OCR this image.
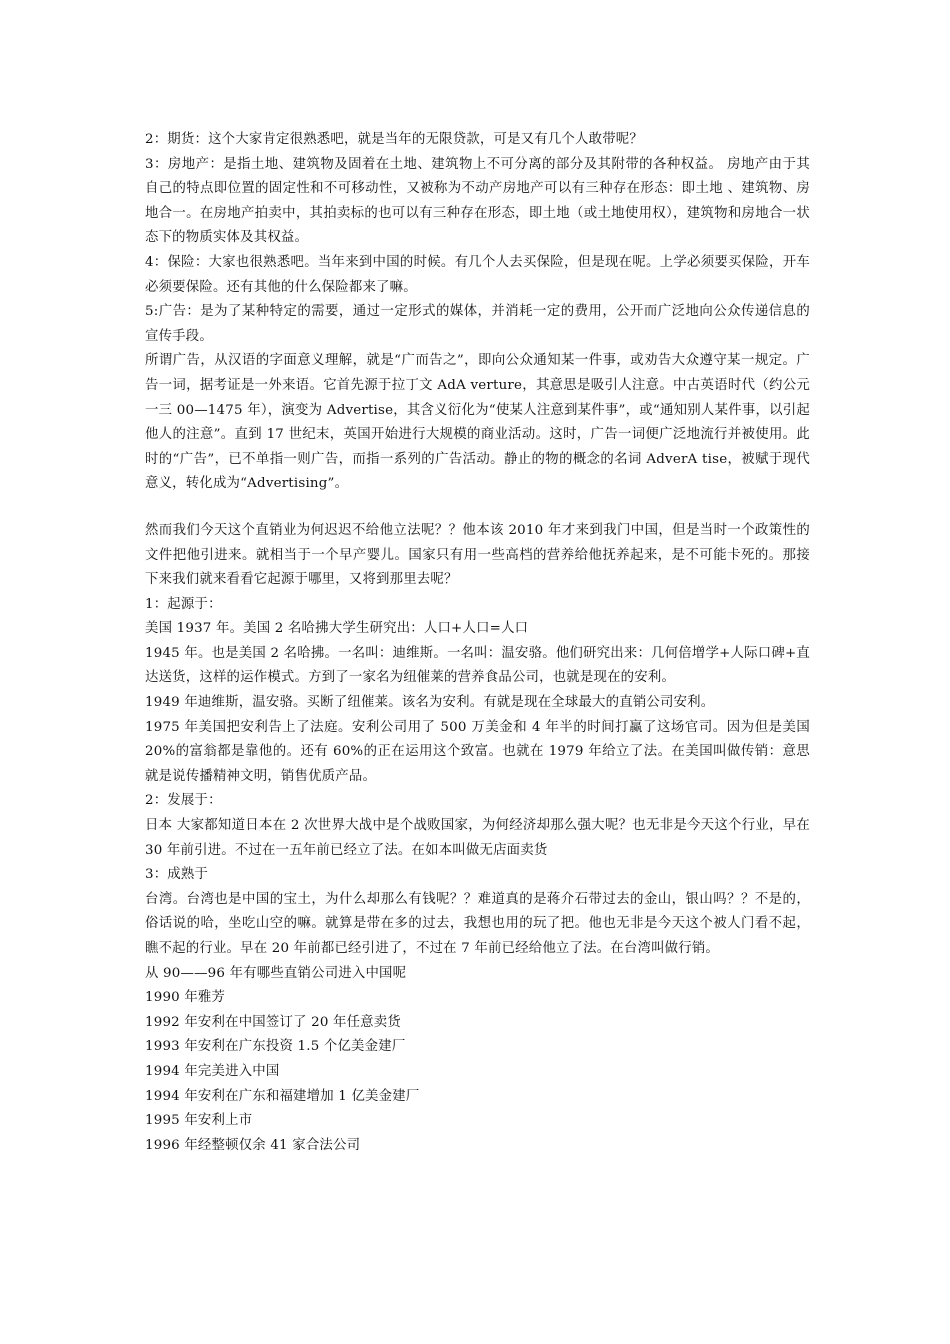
2：期货：这个大家肯定很熟悉吧，就是当年的无限贷款，可是又有几个人敢带呢？

3：房地产：是指土地、建筑物及固着在土地、建筑物上不可分离的部分及其附带的各种权益。 房地产由于其自己的特点即位置的固定性和不可移动性，又被称为不动产房地产可以有三种存在形态：即土地 、建筑物、房地合一。在房地产拍卖中，其拍卖标的也可以有三种存在形态，即土地（或土地使用权），建筑物和房地合一状态下的物质实体及其权益。

4：保险：大家也很熟悉吧。当年来到中国的时候。有几个人去买保险，但是现在呢。上学必须要买保险，开车必须要保险。还有其他的什么保险都来了嘛。

5:广告：是为了某种特定的需要，通过一定形式的媒体，并消耗一定的费用，公开而广泛地向公众传递信息的宣传手段。

所谓广告，从汉语的字面意义理解，就是“广而告之”，即向公众通知某一件事，或劝告大众遵守某一规定。广告一词，据考证是一外来语。它首先源于拉丁文 AdA verture，其意思是吸引人注意。中古英语时代（约公元一三 00—1475 年），演变为 Advertise，其含义衍化为“使某人注意到某件事”，或“通知别人某件事，以引起他人的注意”。直到 17 世纪末，英国开始进行大规模的商业活动。这时，广告一词便广泛地流行并被使用。此时的“广告”，已不单指一则广告，而指一系列的广告活动。静止的物的概念的名词 AdverA tise，被赋于现代意义，转化成为“Advertising”。

然而我们今天这个直销业为何迟迟不给他立法呢？？他本该 2010 年才来到我门中国，但是当时一个政策性的文件把他引进来。就相当于一个早产婴儿。国家只有用一些高档的营养给他抚养起来，是不可能卡死的。那接下来我们就来看看它起源于哪里，又将到那里去呢？

1：起源于：

美国 1937 年。美国 2 名哈拂大学生研究出：人口+人口=人口

1945 年。也是美国 2 名哈拂。一名叫：迪维斯。一名叫：温安骆。他们研究出来：几何倍增学+人际口碑+直达送货，这样的运作模式。方到了一家名为纽催莱的营养食品公司，也就是现在的安利。

1949 年迪维斯，温安骆。买断了纽催莱。该名为安利。有就是现在全球最大的直销公司安利。

1975 年美国把安利告上了法庭。安利公司用了 500 万美金和 4 年半的时间打赢了这场官司。因为但是美国 20%的富翁都是靠他的。还有 60%的正在运用这个致富。也就在 1979 年给立了法。在美国叫做传销：意思就是说传播精神文明，销售优质产品。

2：发展于：

日本 大家都知道日本在 2 次世界大战中是个战败国家，为何经济却那么强大呢？也无非是今天这个行业，早在 30 年前引进。不过在一五年前已经立了法。在如本叫做无店面卖货

3：成熟于

台湾。台湾也是中国的宝土，为什么却那么有钱呢？？难道真的是蒋介石带过去的金山，银山吗？？不是的，俗话说的哈，坐吃山空的嘛。就算是带在多的过去，我想也用的玩了把。他也无非是今天这个被人门看不起，瞧不起的行业。早在 20 年前都已经引进了，不过在 7 年前已经给他立了法。在台湾叫做行销。

从 90——96 年有哪些直销公司进入中国呢

1990 年雅芳

1992 年安利在中国签订了 20 年任意卖货

1993 年安利在广东投资 1.5 个亿美金建厂

1994 年完美进入中国

1994 年安利在广东和福建增加 1 亿美金建厂

1995 年安利上市

1996 年经整顿仅余 41 家合法公司
